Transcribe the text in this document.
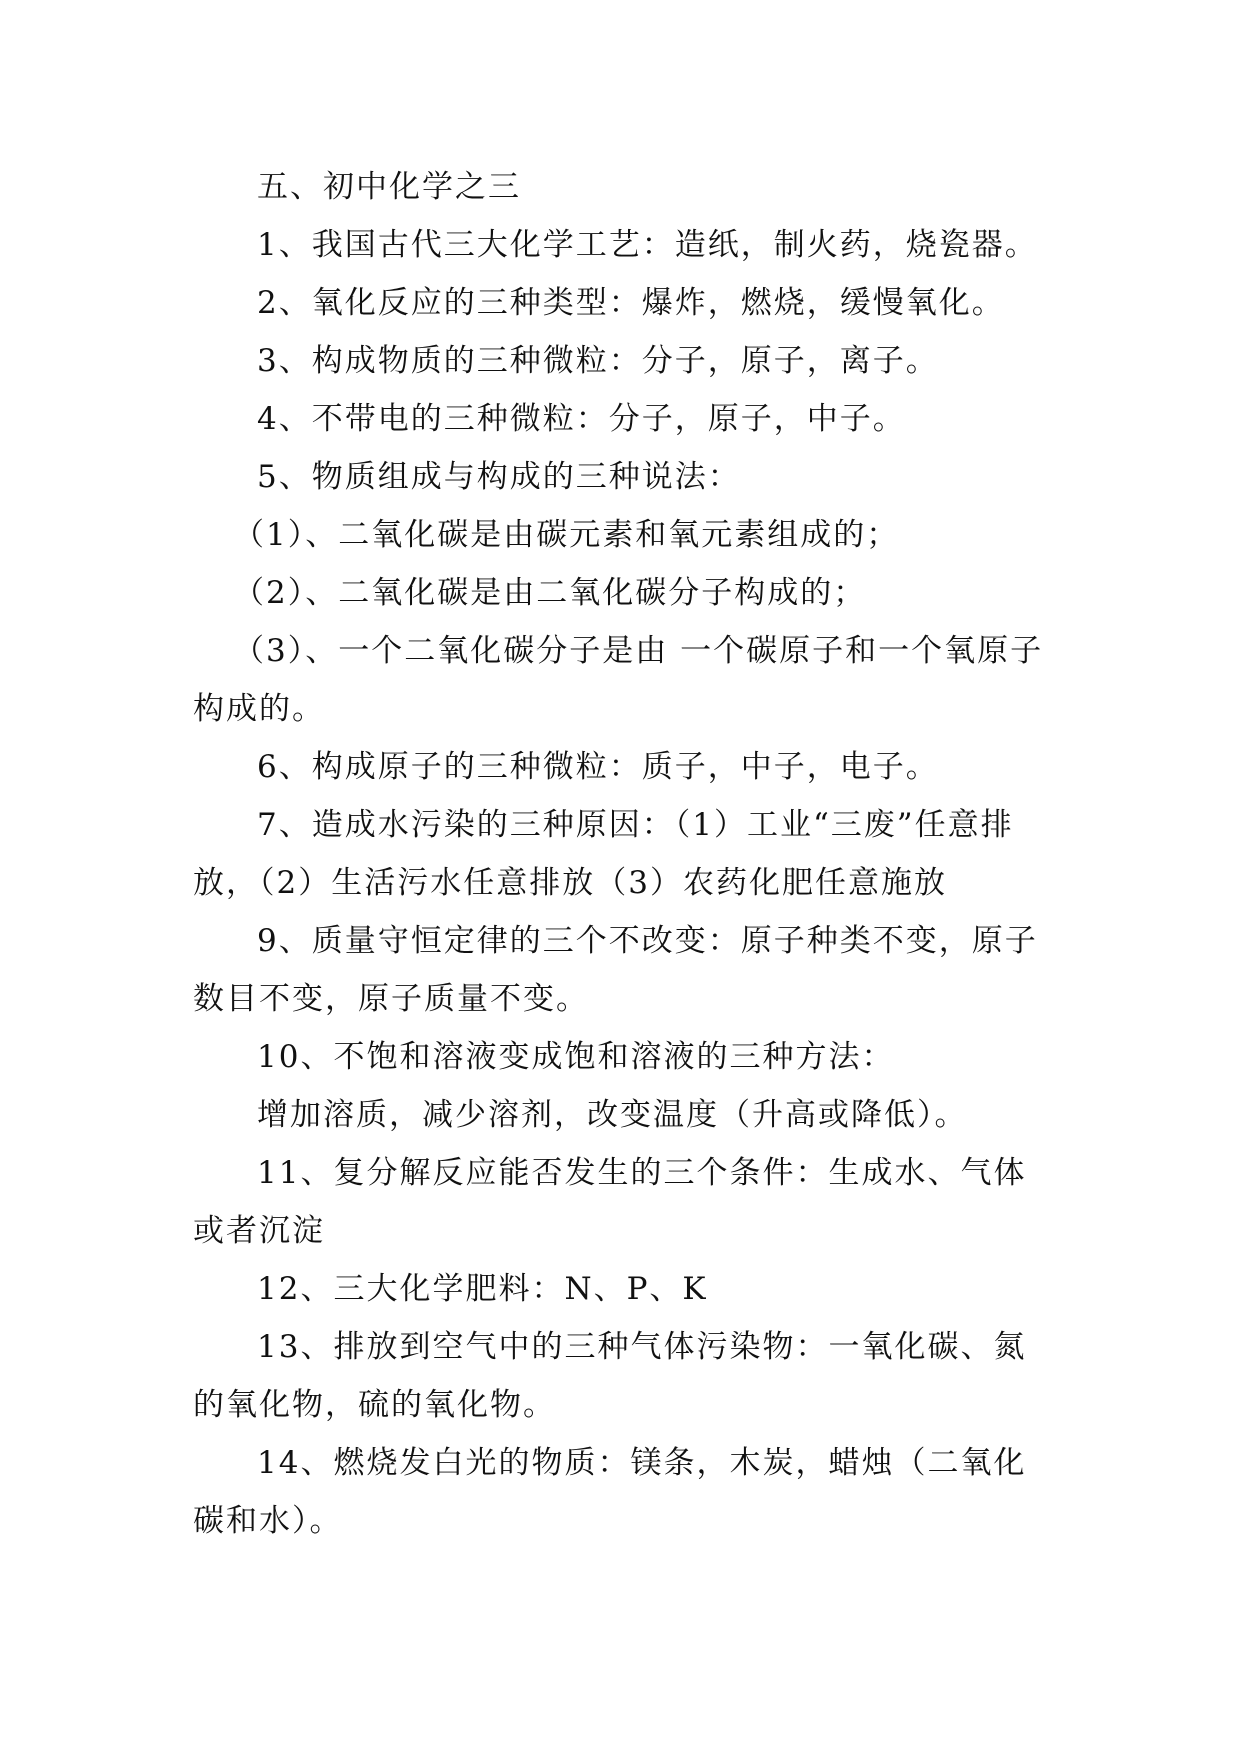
五、初中化学之三

1、我国古代三大化学工艺：造纸，制火药，烧瓷器。

2、氧化反应的三种类型：爆炸，燃烧，缓慢氧化。

3、构成物质的三种微粒：分子，原子，离子。

4、不带电的三种微粒：分子，原子，中子。

5、物质组成与构成的三种说法：

（1）、二氧化碳是由碳元素和氧元素组成的；

（2）、二氧化碳是由二氧化碳分子构成的；

（3）、一个二氧化碳分子是由 一个碳原子和一个氧原子构成的。

6、构成原子的三种微粒：质子，中子，电子。

7、造成水污染的三种原因：（1）工业“三废”任意排放，（2）生活污水任意排放（3）农药化肥任意施放

9、质量守恒定律的三个不改变：原子种类不变，原子数目不变，原子质量不变。

10、不饱和溶液变成饱和溶液的三种方法：

增加溶质，减少溶剂，改变温度（升高或降低）。

11、复分解反应能否发生的三个条件：生成水、气体或者沉淀

12、三大化学肥料：N、P、K

13、排放到空气中的三种气体污染物：一氧化碳、氮的氧化物，硫的氧化物。

14、燃烧发白光的物质：镁条，木炭，蜡烛（二氧化碳和水）。
